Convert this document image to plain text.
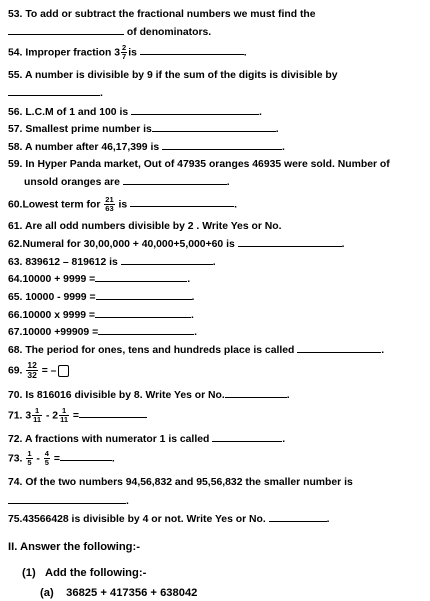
53. To add or subtract the fractional numbers we must find the
of denominators.
54. Improper fraction $3 \frac{2}{7}$ is	.
55. A number is divisible by 9 if the sum of the digits is divisible by
.
56. L.C.M of 1 and 100 is	.
57. Smallest prime number is	.
58. A number after 46,17,399 is	.
59. In Hyper Panda market, Out of 47935 oranges 46935 were sold. Number of
unsold oranges are	.
60.Lowest term for $\frac{21}{63}$ is	.
61. Are all odd numbers divisible by 2 . Write Yes or No.
62.Numeral for 30,00,000 + 40,000+5,000+60 is	.
63. 839612 – 819612 is	.
64.10000 + 9999 =	.
65. 10000 - 9999 =	.
66.10000 x 9999 =	.
67.10000 +99909 =	.
68. The period for ones, tens and hundreds place is called	.
69. $\frac{12}{32}$ = –
70. Is 816016 divisible by 8. Write Yes or No.	.
71. $3 \frac{1}{11} - 2 \frac{1}{11}$ =
72. A fractions with numerator 1 is called	.
73. $\frac{1}{5} - \frac{4}{5}$ =	.
74. Of the two numbers 94,56,832 and 95,56,832 the smaller number is
.
75.43566428 is divisible by 4 or not. Write Yes or No.	.
II. Answer the following:-
(1) Add the following:-
(a) 36825 + 417356 + 638042
